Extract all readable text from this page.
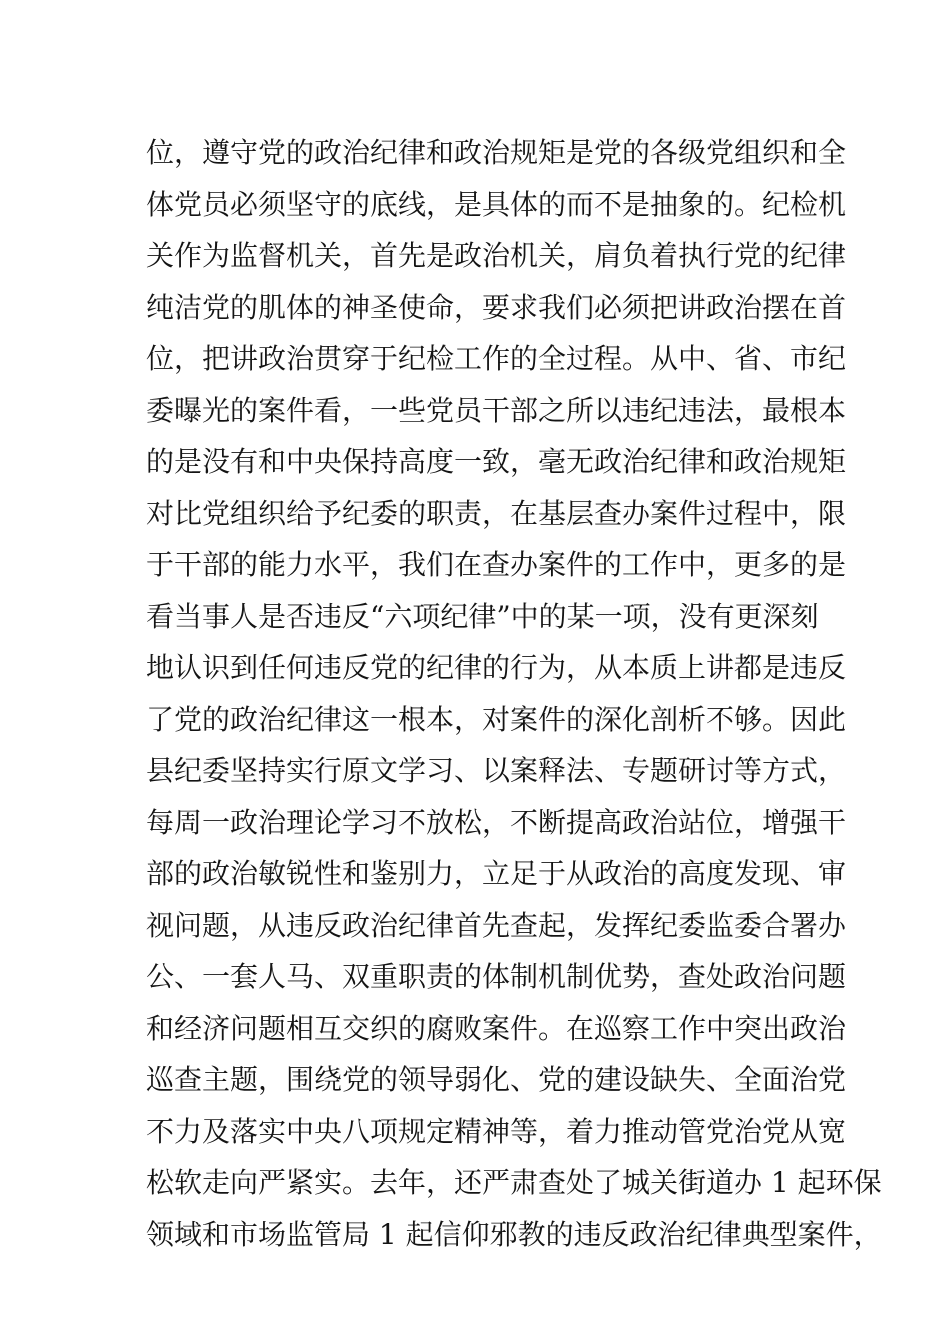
位，遵守党的政治纪律和政治规矩是党的各级党组织和全
体党员必须坚守的底线，是具体的而不是抽象的。纪检机
关作为监督机关，首先是政治机关，肩负着执行党的纪律
纯洁党的肌体的神圣使命，要求我们必须把讲政治摆在首
位，把讲政治贯穿于纪检工作的全过程。从中、省、市纪
委曝光的案件看，一些党员干部之所以违纪违法，最根本
的是没有和中央保持高度一致，毫无政治纪律和政治规矩
对比党组织给予纪委的职责，在基层查办案件过程中，限
于干部的能力水平，我们在查办案件的工作中，更多的是
看当事人是否违反“六项纪律”中的某一项，没有更深刻
地认识到任何违反党的纪律的行为，从本质上讲都是违反
了党的政治纪律这一根本，对案件的深化剖析不够。因此
县纪委坚持实行原文学习、以案释法、专题研讨等方式，
每周一政治理论学习不放松，不断提高政治站位，增强干
部的政治敏锐性和鉴别力，立足于从政治的高度发现、审
视问题，从违反政治纪律首先查起，发挥纪委监委合署办
公、一套人马、双重职责的体制机制优势，查处政治问题
和经济问题相互交织的腐败案件。在巡察工作中突出政治
巡查主题，围绕党的领导弱化、党的建设缺失、全面治党
不力及落实中央八项规定精神等，着力推动管党治党从宽
松软走向严紧实。去年，还严肃查处了城关街道办 1 起环保
领域和市场监管局 1 起信仰邪教的违反政治纪律典型案件，
